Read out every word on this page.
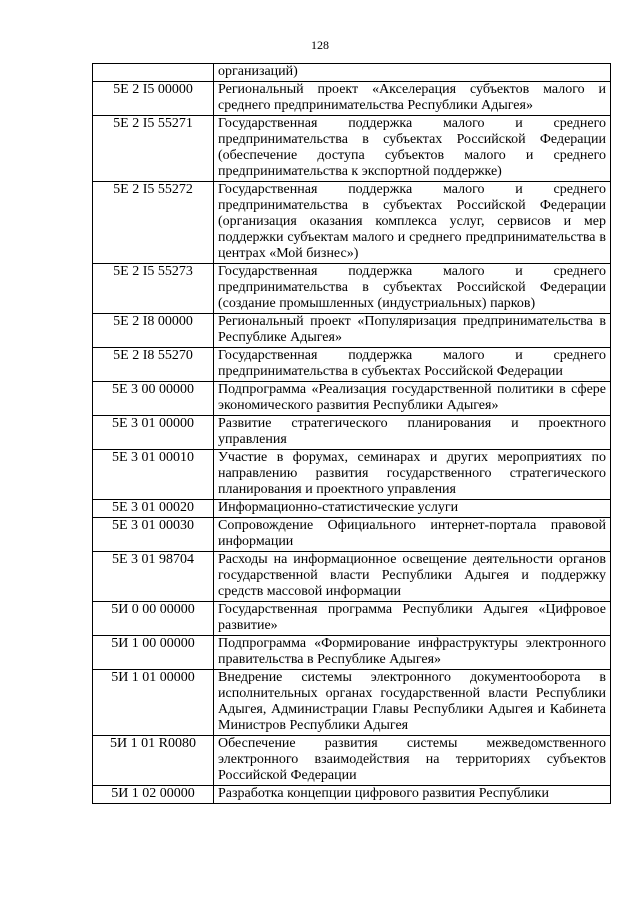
128
	организаций)
5Е 2 I5 00000	Региональный проект «Акселерация субъектов малого и среднего предпринимательства Республики Адыгея»
5Е 2 I5 55271	Государственная поддержка малого и среднего предпринимательства в субъектах Российской Федерации (обеспечение доступа субъектов малого и среднего предпринимательства к экспортной поддержке)
5Е 2 I5 55272	Государственная поддержка малого и среднего предпринимательства в субъектах Российской Федерации (организация оказания комплекса услуг, сервисов и мер поддержки субъектам малого и среднего предпринимательства в центрах «Мой бизнес»)
5Е 2 I5 55273	Государственная поддержка малого и среднего предпринимательства в субъектах Российской Федерации (создание промышленных (индустриальных) парков)
5Е 2 I8 00000	Региональный проект «Популяризация предпринимательства в Республике Адыгея»
5Е 2 I8 55270	Государственная поддержка малого и среднего предпринимательства в субъектах Российской Федерации
5Е 3 00 00000	Подпрограмма «Реализация государственной политики в сфере экономического развития Республики Адыгея»
5Е 3 01 00000	Развитие стратегического планирования и проектного управления
5Е 3 01 00010	Участие в форумах, семинарах и других мероприятиях по направлению развития государственного стратегического планирования и проектного управления
5Е 3 01 00020	Информационно-статистические услуги
5Е 3 01 00030	Сопровождение Официального интернет-портала правовой информации
5Е 3 01 98704	Расходы на информационное освещение деятельности органов государственной власти Республики Адыгея и поддержку средств массовой информации
5И 0 00 00000	Государственная программа Республики Адыгея «Цифровое развитие»
5И 1 00 00000	Подпрограмма «Формирование инфраструктуры электронного правительства в Республике Адыгея»
5И 1 01 00000	Внедрение системы электронного документооборота в исполнительных органах государственной власти Республики Адыгея, Администрации Главы Республики Адыгея и Кабинета Министров Республики Адыгея
5И 1 01 R0080	Обеспечение развития системы межведомственного электронного взаимодействия на территориях субъектов Российской Федерации
5И 1 02 00000	Разработка концепции цифрового развития Республики
